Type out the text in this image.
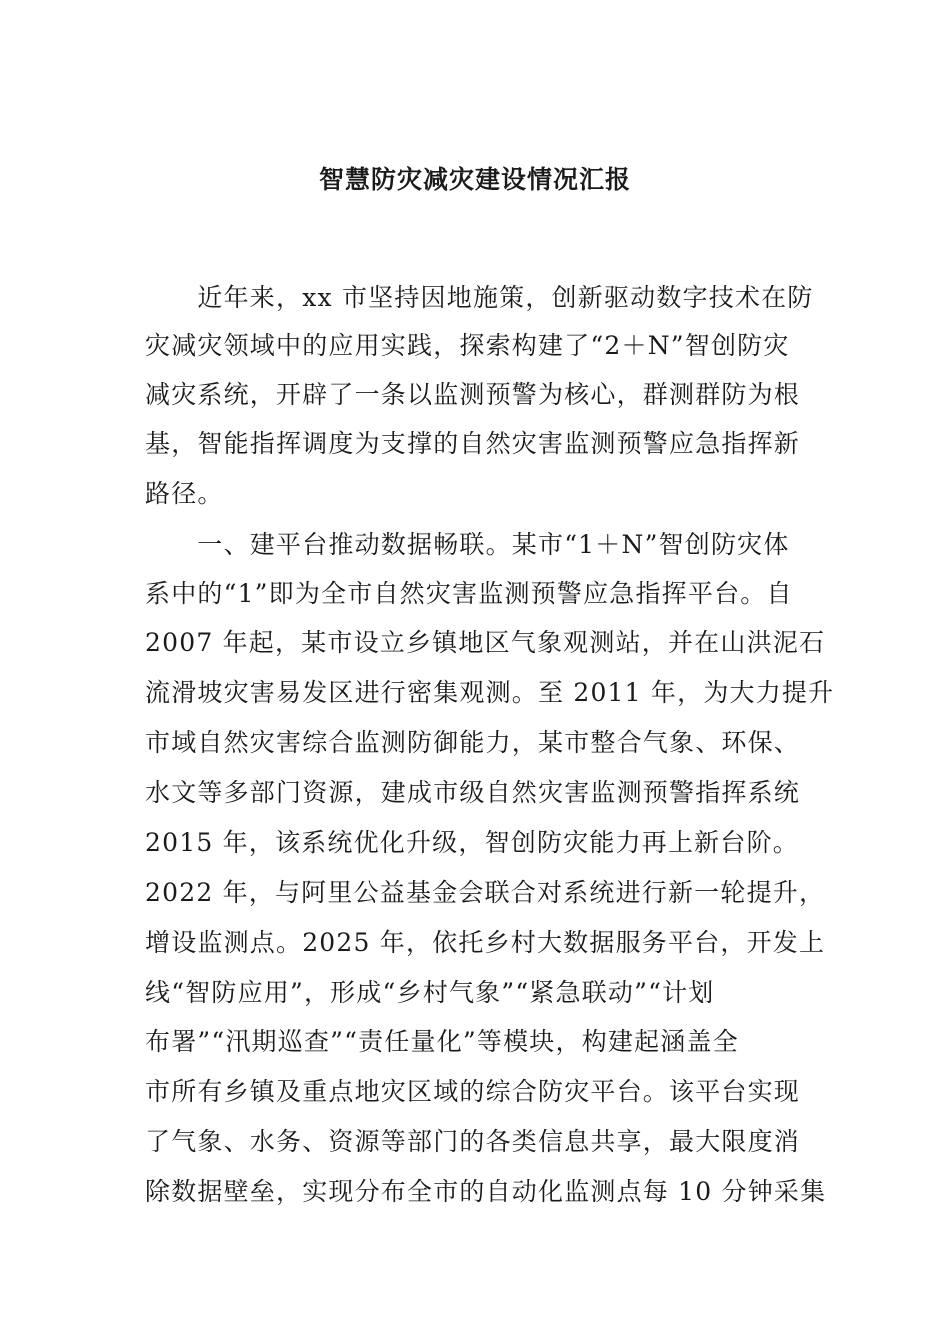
智慧防灾减灾建设情况汇报
　　近年来，xx 市坚持因地施策，创新驱动数字技术在防
灾减灾领域中的应用实践，探索构建了“2＋N”智创防灾
减灾系统，开辟了一条以监测预警为核心，群测群防为根
基，智能指挥调度为支撑的自然灾害监测预警应急指挥新
路径。
　　一、建平台推动数据畅联。某市“1＋N”智创防灾体
系中的“1”即为全市自然灾害监测预警应急指挥平台。自
2007 年起，某市设立乡镇地区气象观测站，并在山洪泥石
流滑坡灾害易发区进行密集观测。至 2011 年，为大力提升
市域自然灾害综合监测防御能力，某市整合气象、环保、
水文等多部门资源，建成市级自然灾害监测预警指挥系统
2015 年，该系统优化升级，智创防灾能力再上新台阶。
2022 年，与阿里公益基金会联合对系统进行新一轮提升，
增设监测点。2025 年，依托乡村大数据服务平台，开发上
线“智防应用”，形成“乡村气象”“紧急联动”“计划
布署”“汛期巡查”“责任量化”等模块，构建起涵盖全
市所有乡镇及重点地灾区域的综合防灾平台。该平台实现
了气象、水务、资源等部门的各类信息共享，最大限度消
除数据壁垒，实现分布全市的自动化监测点每 10 分钟采集
